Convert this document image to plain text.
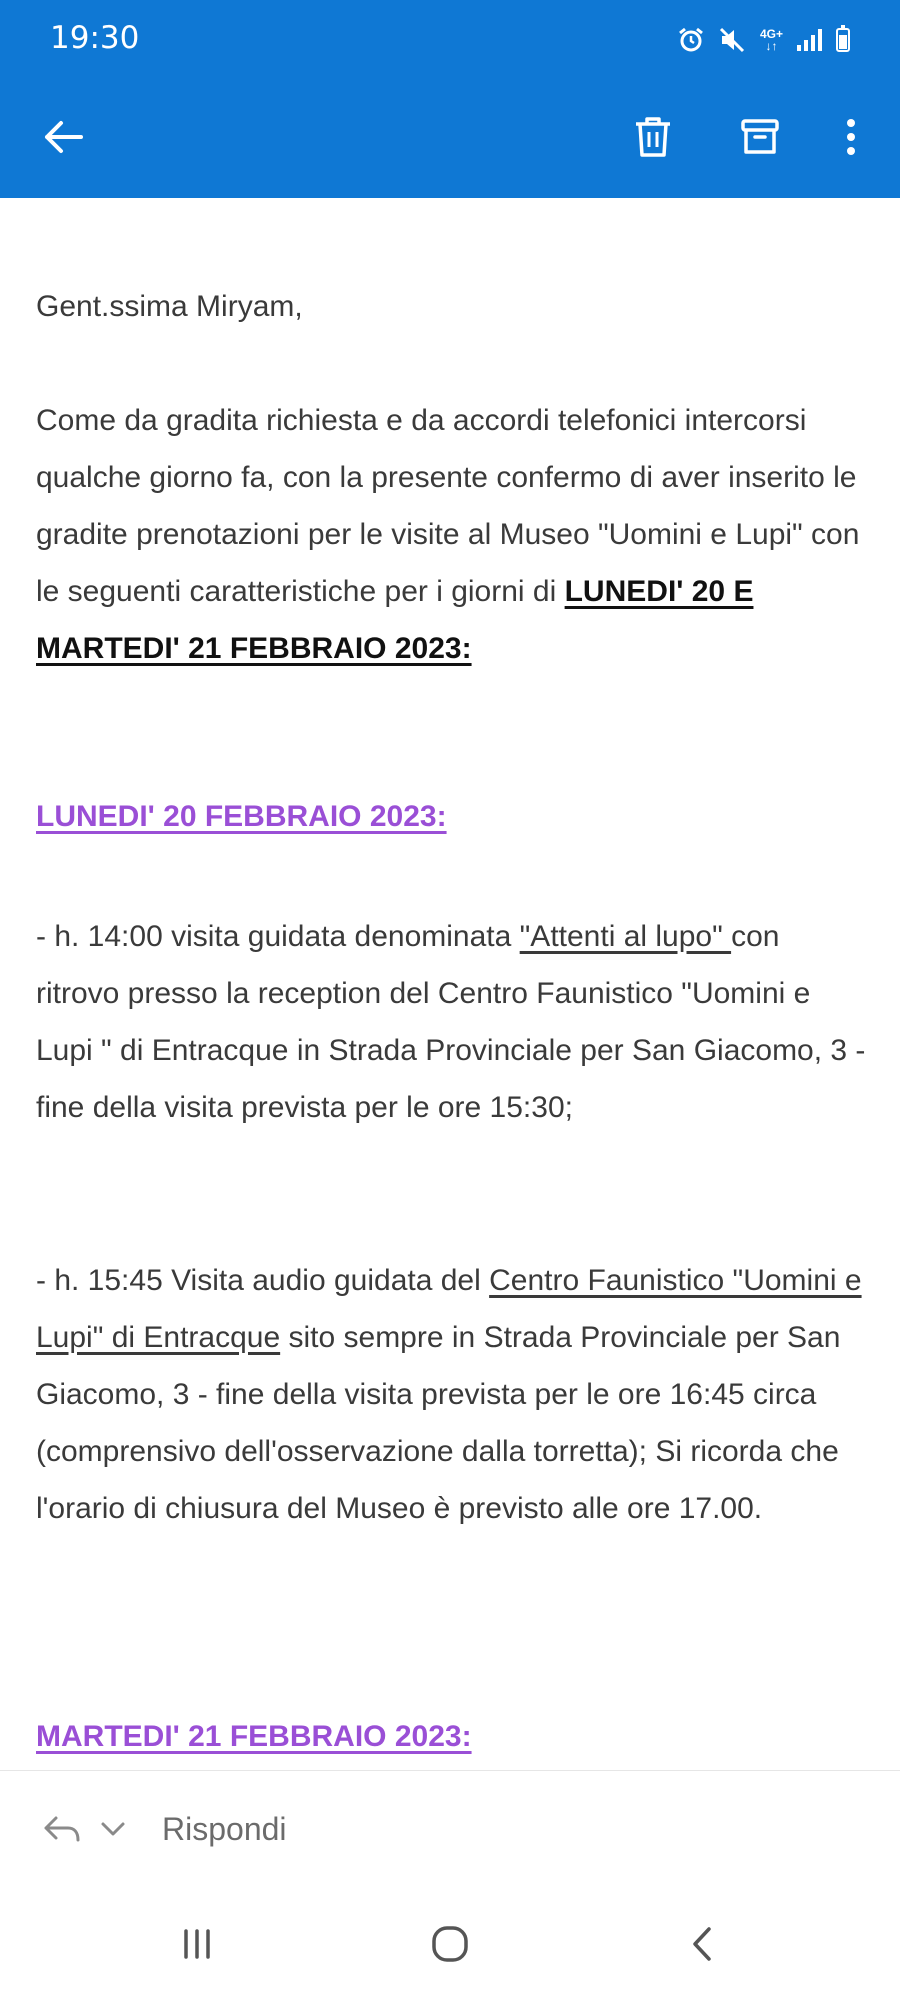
19:30	4G+
↓↑
Gent.ssima Miryam,
Come da gradita richiesta e da accordi telefonici intercorsi qualche giorno fa, con la presente confermo di aver inserito le gradite prenotazioni per le visite al Museo "Uomini e Lupi" con le seguenti caratteristiche per i giorni di LUNEDI' 20 E MARTEDI' 21 FEBBRAIO 2023:
LUNEDI' 20 FEBBRAIO 2023:
- h. 14:00 visita guidata denominata "Attenti al lupo" con ritrovo presso la reception del Centro Faunistico "Uomini e Lupi " di Entracque in Strada Provinciale per San Giacomo, 3 - fine della visita prevista per le ore 15:30;
- h. 15:45 Visita audio guidata del Centro Faunistico "Uomini e Lupi" di Entracque sito sempre in Strada Provinciale per San Giacomo, 3 - fine della visita prevista per le ore 16:45 circa (comprensivo dell'osservazione dalla torretta); Si ricorda che l'orario di chiusura del Museo è previsto alle ore 17.00.
MARTEDI' 21 FEBBRAIO 2023:
Rispondi
